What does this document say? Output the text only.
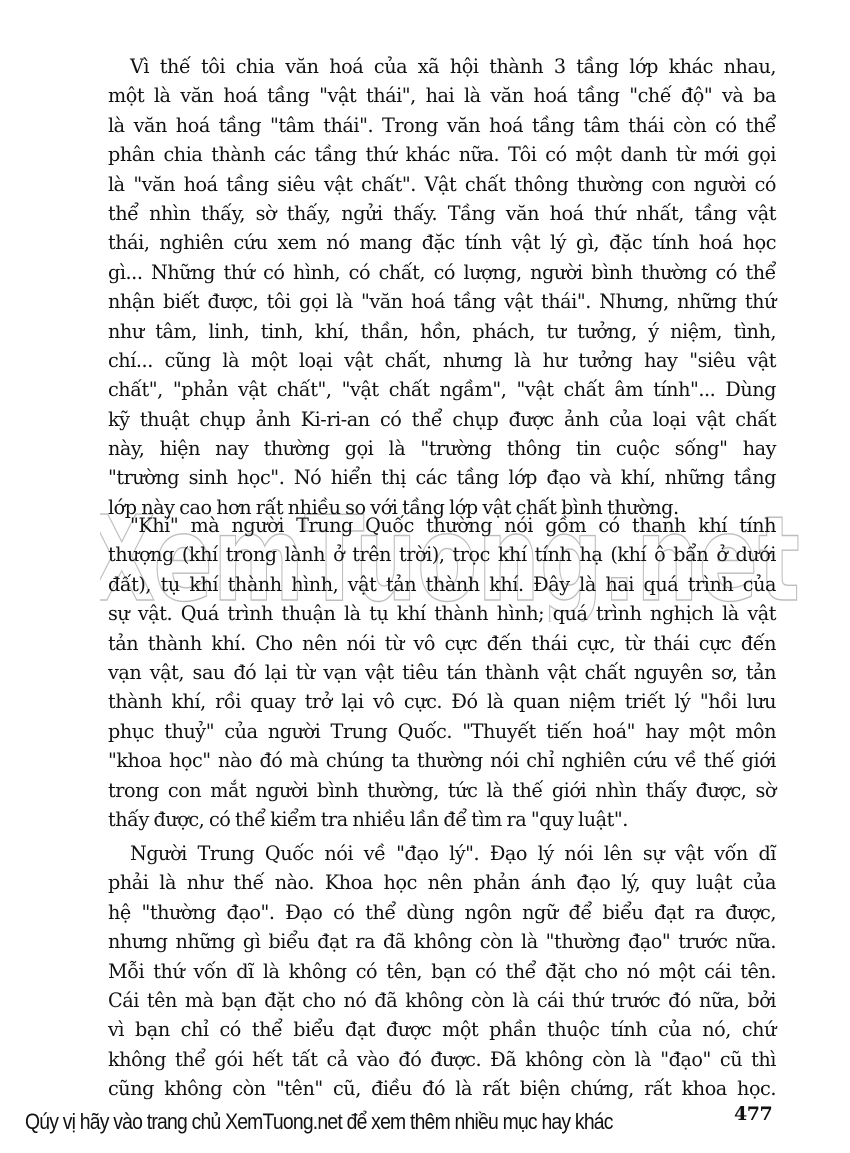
XemTuong.net
Vì thế tôi chia văn hoá của xã hội thành 3 tầng lớp khác nhau,
một là văn hoá tầng "vật thái", hai là văn hoá tầng "chế độ" và ba
là văn hoá tầng "tâm thái". Trong văn hoá tầng tâm thái còn có thể
phân chia thành các tầng thứ khác nữa. Tôi có một danh từ mới gọi
là "văn hoá tầng siêu vật chất". Vật chất thông thường con người có
thể nhìn thấy, sờ thấy, ngửi thấy. Tầng văn hoá thứ nhất, tầng vật
thái, nghiên cứu xem nó mang đặc tính vật lý gì, đặc tính hoá học
gì... Những thứ có hình, có chất, có lượng, người bình thường có thể
nhận biết được, tôi gọi là "văn hoá tầng vật thái". Nhưng, những thứ
như tâm, linh, tinh, khí, thần, hồn, phách, tư tưởng, ý niệm, tình,
chí... cũng là một loại vật chất, nhưng là hư tưởng hay "siêu vật
chất", "phản vật chất", "vật chất ngầm", "vật chất âm tính"... Dùng
kỹ thuật chụp ảnh Ki-ri-an có thể chụp được ảnh của loại vật chất
này, hiện nay thường gọi là "trường thông tin cuộc sống" hay
"trường sinh học". Nó hiển thị các tầng lớp đạo và khí, những tầng
lớp này cao hơn rất nhiều so với tầng lớp vật chất bình thường.
"Khí" mà người Trung Quốc thường nói gồm có thanh khí tính
thượng (khí trong lành ở trên trời), trọc khí tính hạ (khí ô bẩn ở dưới
đất), tụ khí thành hình, vật tản thành khí. Đây là hai quá trình của
sự vật. Quá trình thuận là tụ khí thành hình; quá trình nghịch là vật
tản thành khí. Cho nên nói từ vô cực đến thái cực, từ thái cực đến
vạn vật, sau đó lại từ vạn vật tiêu tán thành vật chất nguyên sơ, tản
thành khí, rồi quay trở lại vô cực. Đó là quan niệm triết lý "hồi lưu
phục thuỷ" của người Trung Quốc. "Thuyết tiến hoá" hay một môn
"khoa học" nào đó mà chúng ta thường nói chỉ nghiên cứu về thế giới
trong con mắt người bình thường, tức là thế giới nhìn thấy được, sờ
thấy được, có thể kiểm tra nhiều lần để tìm ra "quy luật".
Người Trung Quốc nói về "đạo lý". Đạo lý nói lên sự vật vốn dĩ
phải là như thế nào. Khoa học nên phản ánh đạo lý, quy luật của
hệ "thường đạo". Đạo có thể dùng ngôn ngữ để biểu đạt ra được,
nhưng những gì biểu đạt ra đã không còn là "thường đạo" trước nữa.
Mỗi thứ vốn dĩ là không có tên, bạn có thể đặt cho nó một cái tên.
Cái tên mà bạn đặt cho nó đã không còn là cái thứ trước đó nữa, bởi
vì bạn chỉ có thể biểu đạt được một phần thuộc tính của nó, chứ
không thể gói hết tất cả vào đó được. Đã không còn là "đạo" cũ thì
cũng không còn "tên" cũ, điều đó là rất biện chứng, rất khoa học.
Qúy vị hãy vào trang chủ XemTuong.net để xem thêm nhiều mục hay khác	477
